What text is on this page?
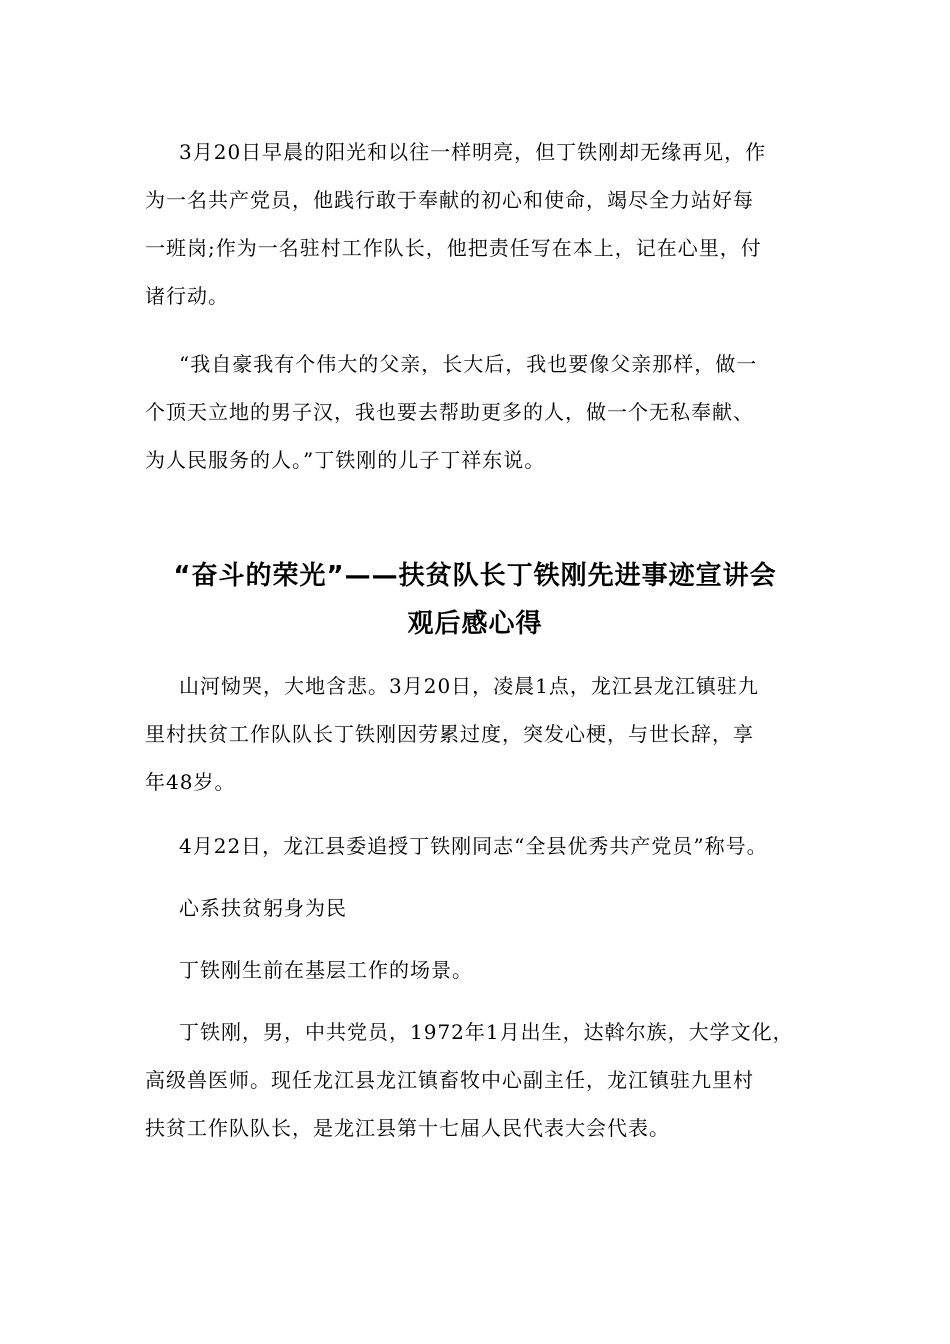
3月20日早晨的阳光和以往一样明亮，但丁铁刚却无缘再见，作
为一名共产党员，他践行敢于奉献的初心和使命，竭尽全力站好每
一班岗;作为一名驻村工作队长，他把责任写在本上，记在心里，付
诸行动。

“我自豪我有个伟大的父亲，长大后，我也要像父亲那样，做一
个顶天立地的男子汉，我也要去帮助更多的人，做一个无私奉献、
为人民服务的人。”丁铁刚的儿子丁祥东说。

“奋斗的荣光”——扶贫队长丁铁刚先进事迹宣讲会
观后感心得

山河恸哭，大地含悲。3月20日，凌晨1点，龙江县龙江镇驻九
里村扶贫工作队队长丁铁刚因劳累过度，突发心梗，与世长辞，享
年48岁。

4月22日，龙江县委追授丁铁刚同志“全县优秀共产党员”称号。

心系扶贫躬身为民

丁铁刚生前在基层工作的场景。

丁铁刚，男，中共党员，1972年1月出生，达斡尔族，大学文化，
高级兽医师。现任龙江县龙江镇畜牧中心副主任，龙江镇驻九里村
扶贫工作队队长，是龙江县第十七届人民代表大会代表。
